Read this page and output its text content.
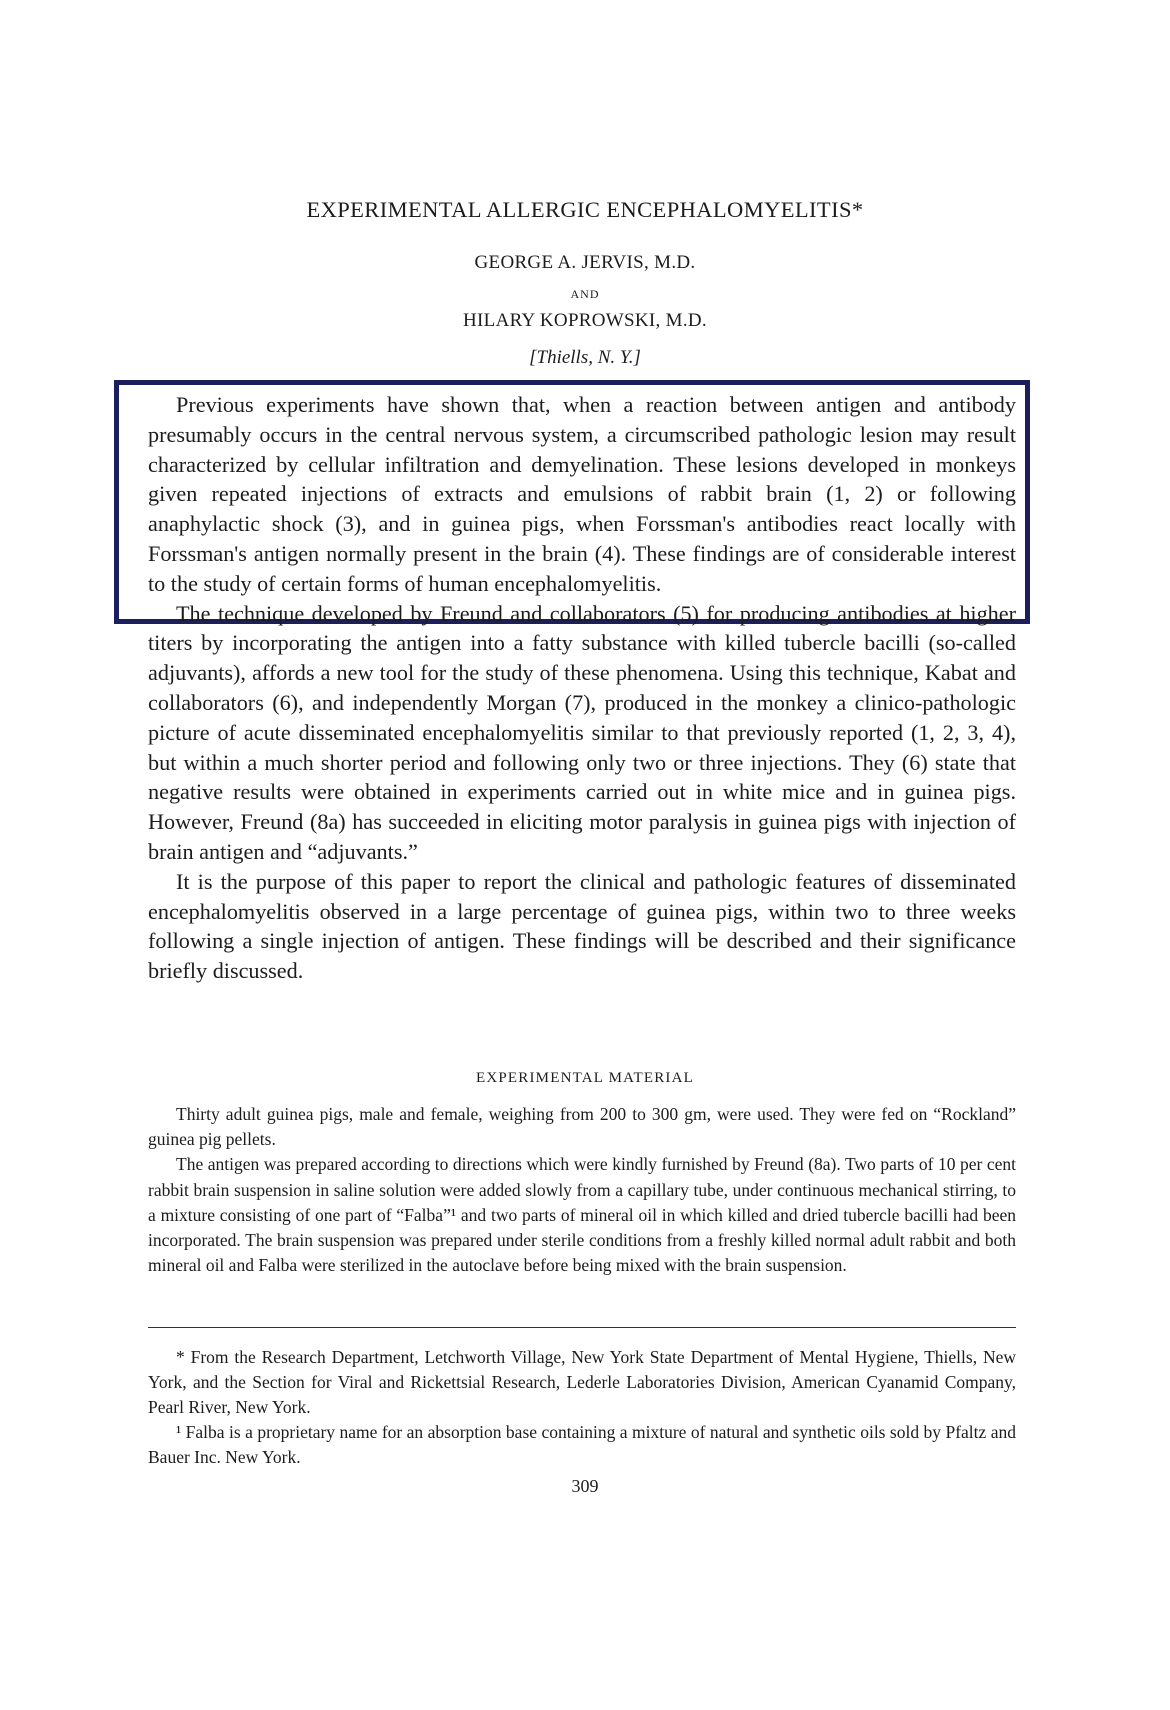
EXPERIMENTAL ALLERGIC ENCEPHALOMYELITIS*
GEORGE A. JERVIS, M.D.
AND
HILARY KOPROWSKI, M.D.
[Thiells, N. Y.]

Previous experiments have shown that, when a reaction between antigen and antibody presumably occurs in the central nervous system, a circumscribed pathologic lesion may result characterized by cellular infiltration and demyelination. These lesions developed in monkeys given repeated injections of extracts and emulsions of rabbit brain (1, 2) or following anaphylactic shock (3), and in guinea pigs, when Forssman's antibodies react locally with Forssman's antigen normally present in the brain (4). These findings are of considerable interest to the study of certain forms of human encephalomyelitis.

The technique developed by Freund and collaborators (5) for producing antibodies at higher titers by incorporating the antigen into a fatty substance with killed tubercle bacilli (so-called adjuvants), affords a new tool for the study of these phenomena. Using this technique, Kabat and collaborators (6), and independently Morgan (7), produced in the monkey a clinico-pathologic picture of acute disseminated encephalomyelitis similar to that previously reported (1, 2, 3, 4), but within a much shorter period and following only two or three injections. They (6) state that negative results were obtained in experiments carried out in white mice and in guinea pigs. However, Freund (8a) has succeeded in eliciting motor paralysis in guinea pigs with injection of brain antigen and “adjuvants.”

It is the purpose of this paper to report the clinical and pathologic features of disseminated encephalomyelitis observed in a large percentage of guinea pigs, within two to three weeks following a single injection of antigen. These findings will be described and their significance briefly discussed.

EXPERIMENTAL MATERIAL

Thirty adult guinea pigs, male and female, weighing from 200 to 300 gm, were used. They were fed on “Rockland” guinea pig pellets.

The antigen was prepared according to directions which were kindly furnished by Freund (8a). Two parts of 10 per cent rabbit brain suspension in saline solution were added slowly from a capillary tube, under continuous mechanical stirring, to a mixture consisting of one part of “Falba”¹ and two parts of mineral oil in which killed and dried tubercle bacilli had been incorporated. The brain suspension was prepared under sterile conditions from a freshly killed normal adult rabbit and both mineral oil and Falba were sterilized in the autoclave before being mixed with the brain suspension.

* From the Research Department, Letchworth Village, New York State Department of Mental Hygiene, Thiells, New York, and the Section for Viral and Rickettsial Research, Lederle Laboratories Division, American Cyanamid Company, Pearl River, New York.

¹ Falba is a proprietary name for an absorption base containing a mixture of natural and synthetic oils sold by Pfaltz and Bauer Inc. New York.

309
